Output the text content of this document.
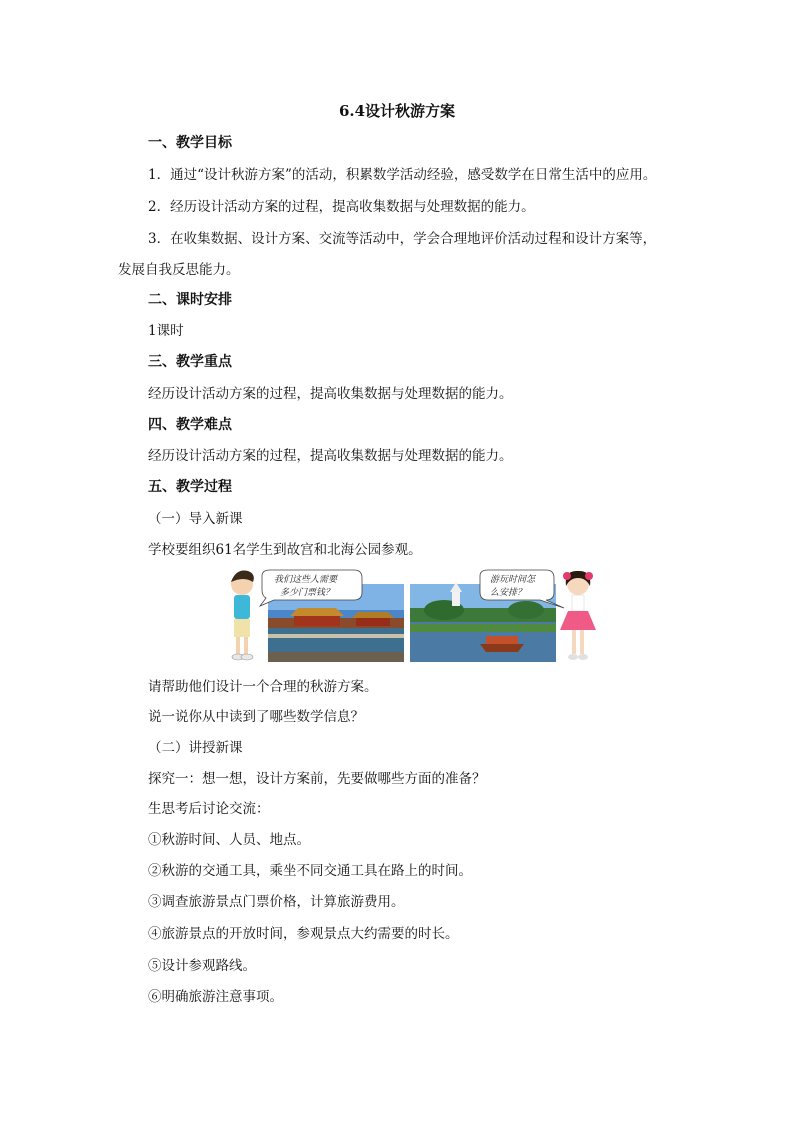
6.4设计秋游方案
一、教学目标
1．通过“设计秋游方案”的活动，积累数学活动经验，感受数学在日常生活中的应用。
2．经历设计活动方案的过程，提高收集数据与处理数据的能力。
3．在收集数据、设计方案、交流等活动中，学会合理地评价活动过程和设计方案等，
发展自我反思能力。
二、课时安排
1课时
三、教学重点
经历设计活动方案的过程，提高收集数据与处理数据的能力。
四、教学难点
经历设计活动方案的过程，提高收集数据与处理数据的能力。
五、教学过程
（一）导入新课
学校要组织61名学生到故宫和北海公园参观。
我们这些人需要
多少门票钱？
游玩时间怎
么安排？
请帮助他们设计一个合理的秋游方案。
说一说你从中读到了哪些数学信息？
（二）讲授新课
探究一：想一想，设计方案前，先要做哪些方面的准备？
生思考后讨论交流：
①秋游时间、人员、地点。
②秋游的交通工具，乘坐不同交通工具在路上的时间。
③调查旅游景点门票价格，计算旅游费用。
④旅游景点的开放时间，参观景点大约需要的时长。
⑤设计参观路线。
⑥明确旅游注意事项。
